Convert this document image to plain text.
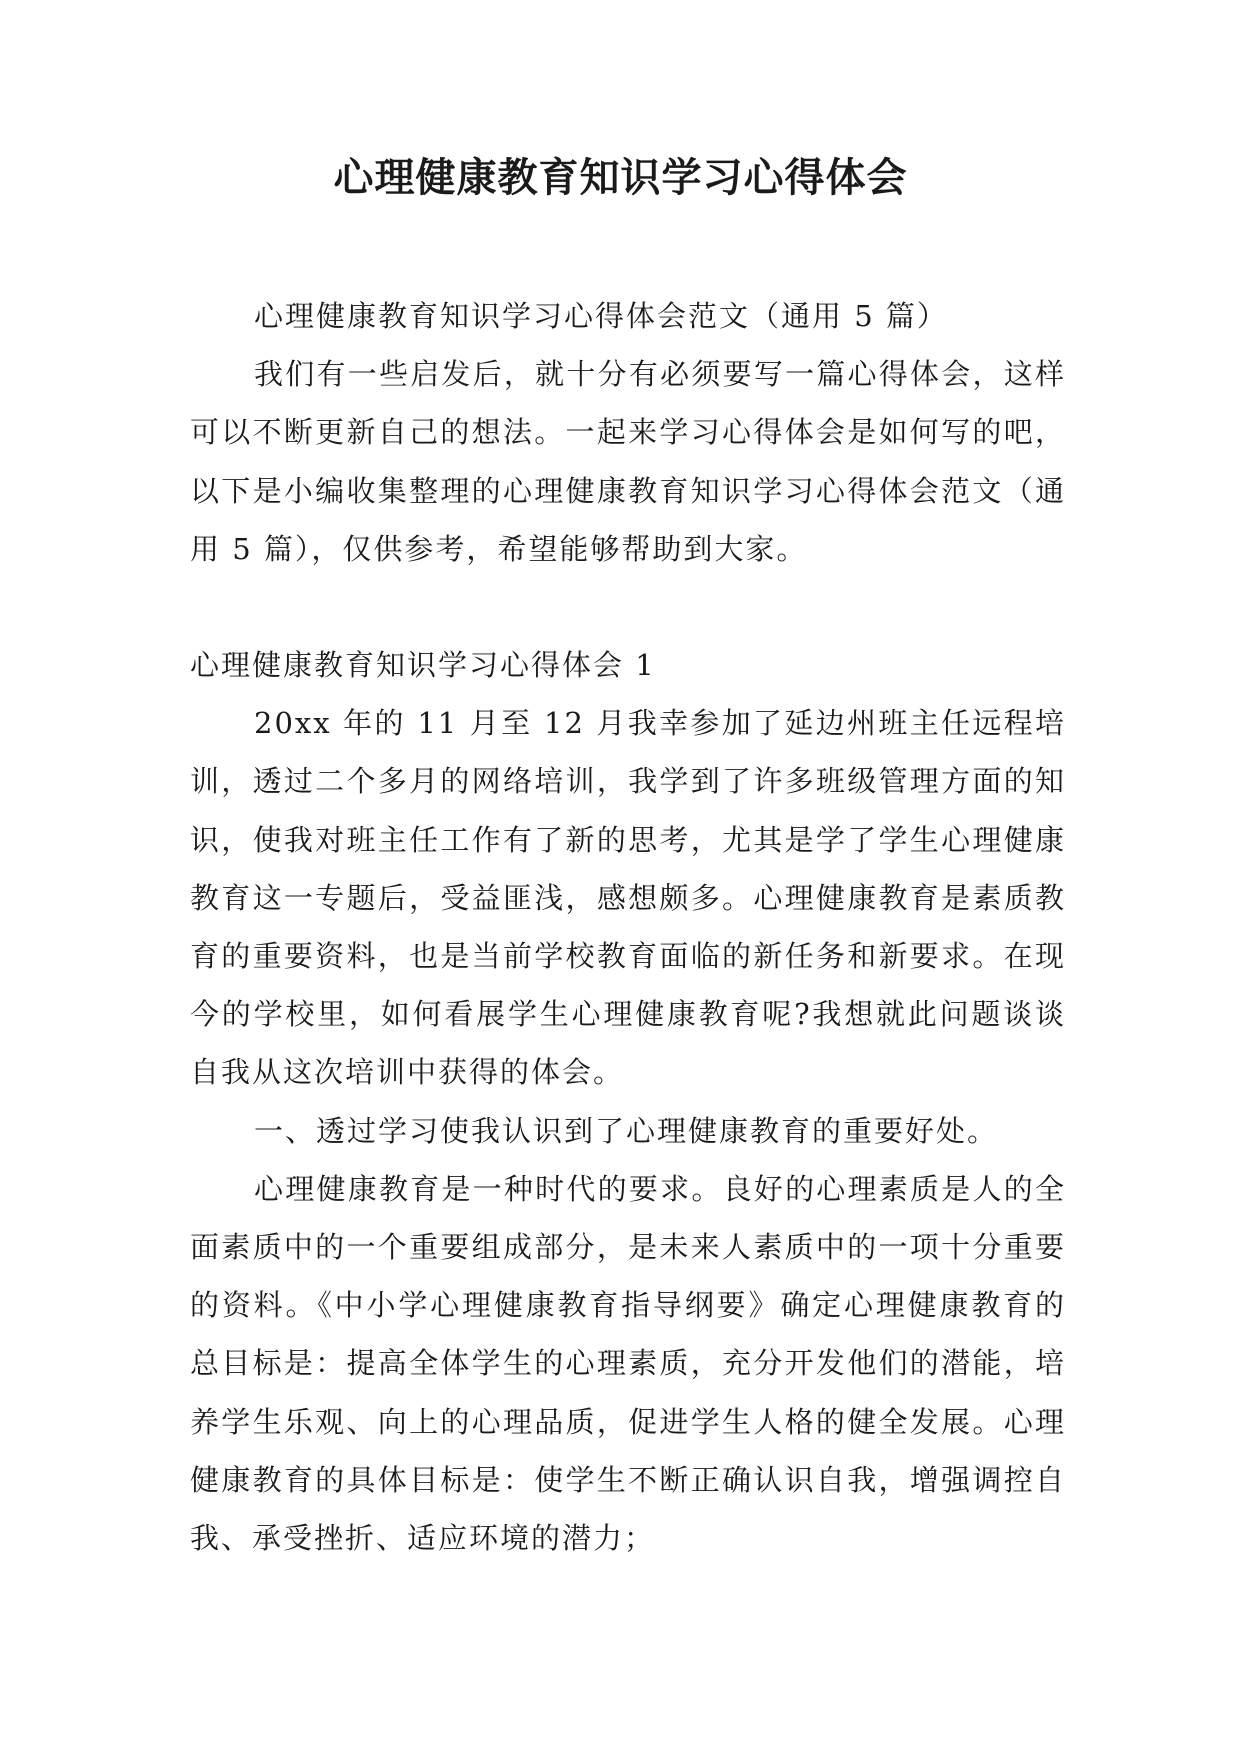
心理健康教育知识学习心得体会

心理健康教育知识学习心得体会范文（通用 5 篇）

我们有一些启发后，就十分有必须要写一篇心得体会，这样可以不断更新自己的想法。一起来学习心得体会是如何写的吧，以下是小编收集整理的心理健康教育知识学习心得体会范文（通用 5 篇），仅供参考，希望能够帮助到大家。

心理健康教育知识学习心得体会 1

20xx 年的 11 月至 12 月我幸参加了延边州班主任远程培训，透过二个多月的网络培训，我学到了许多班级管理方面的知识，使我对班主任工作有了新的思考，尤其是学了学生心理健康教育这一专题后，受益匪浅，感想颇多。心理健康教育是素质教育的重要资料，也是当前学校教育面临的新任务和新要求。在现今的学校里，如何看展学生心理健康教育呢?我想就此问题谈谈自我从这次培训中获得的体会。

一、透过学习使我认识到了心理健康教育的重要好处。

心理健康教育是一种时代的要求。良好的心理素质是人的全面素质中的一个重要组成部分，是未来人素质中的一项十分重要的资料。《中小学心理健康教育指导纲要》确定心理健康教育的总目标是：提高全体学生的心理素质，充分开发他们的潜能，培养学生乐观、向上的心理品质，促进学生人格的健全发展。心理健康教育的具体目标是：使学生不断正确认识自我，增强调控自我、承受挫折、适应环境的潜力；
